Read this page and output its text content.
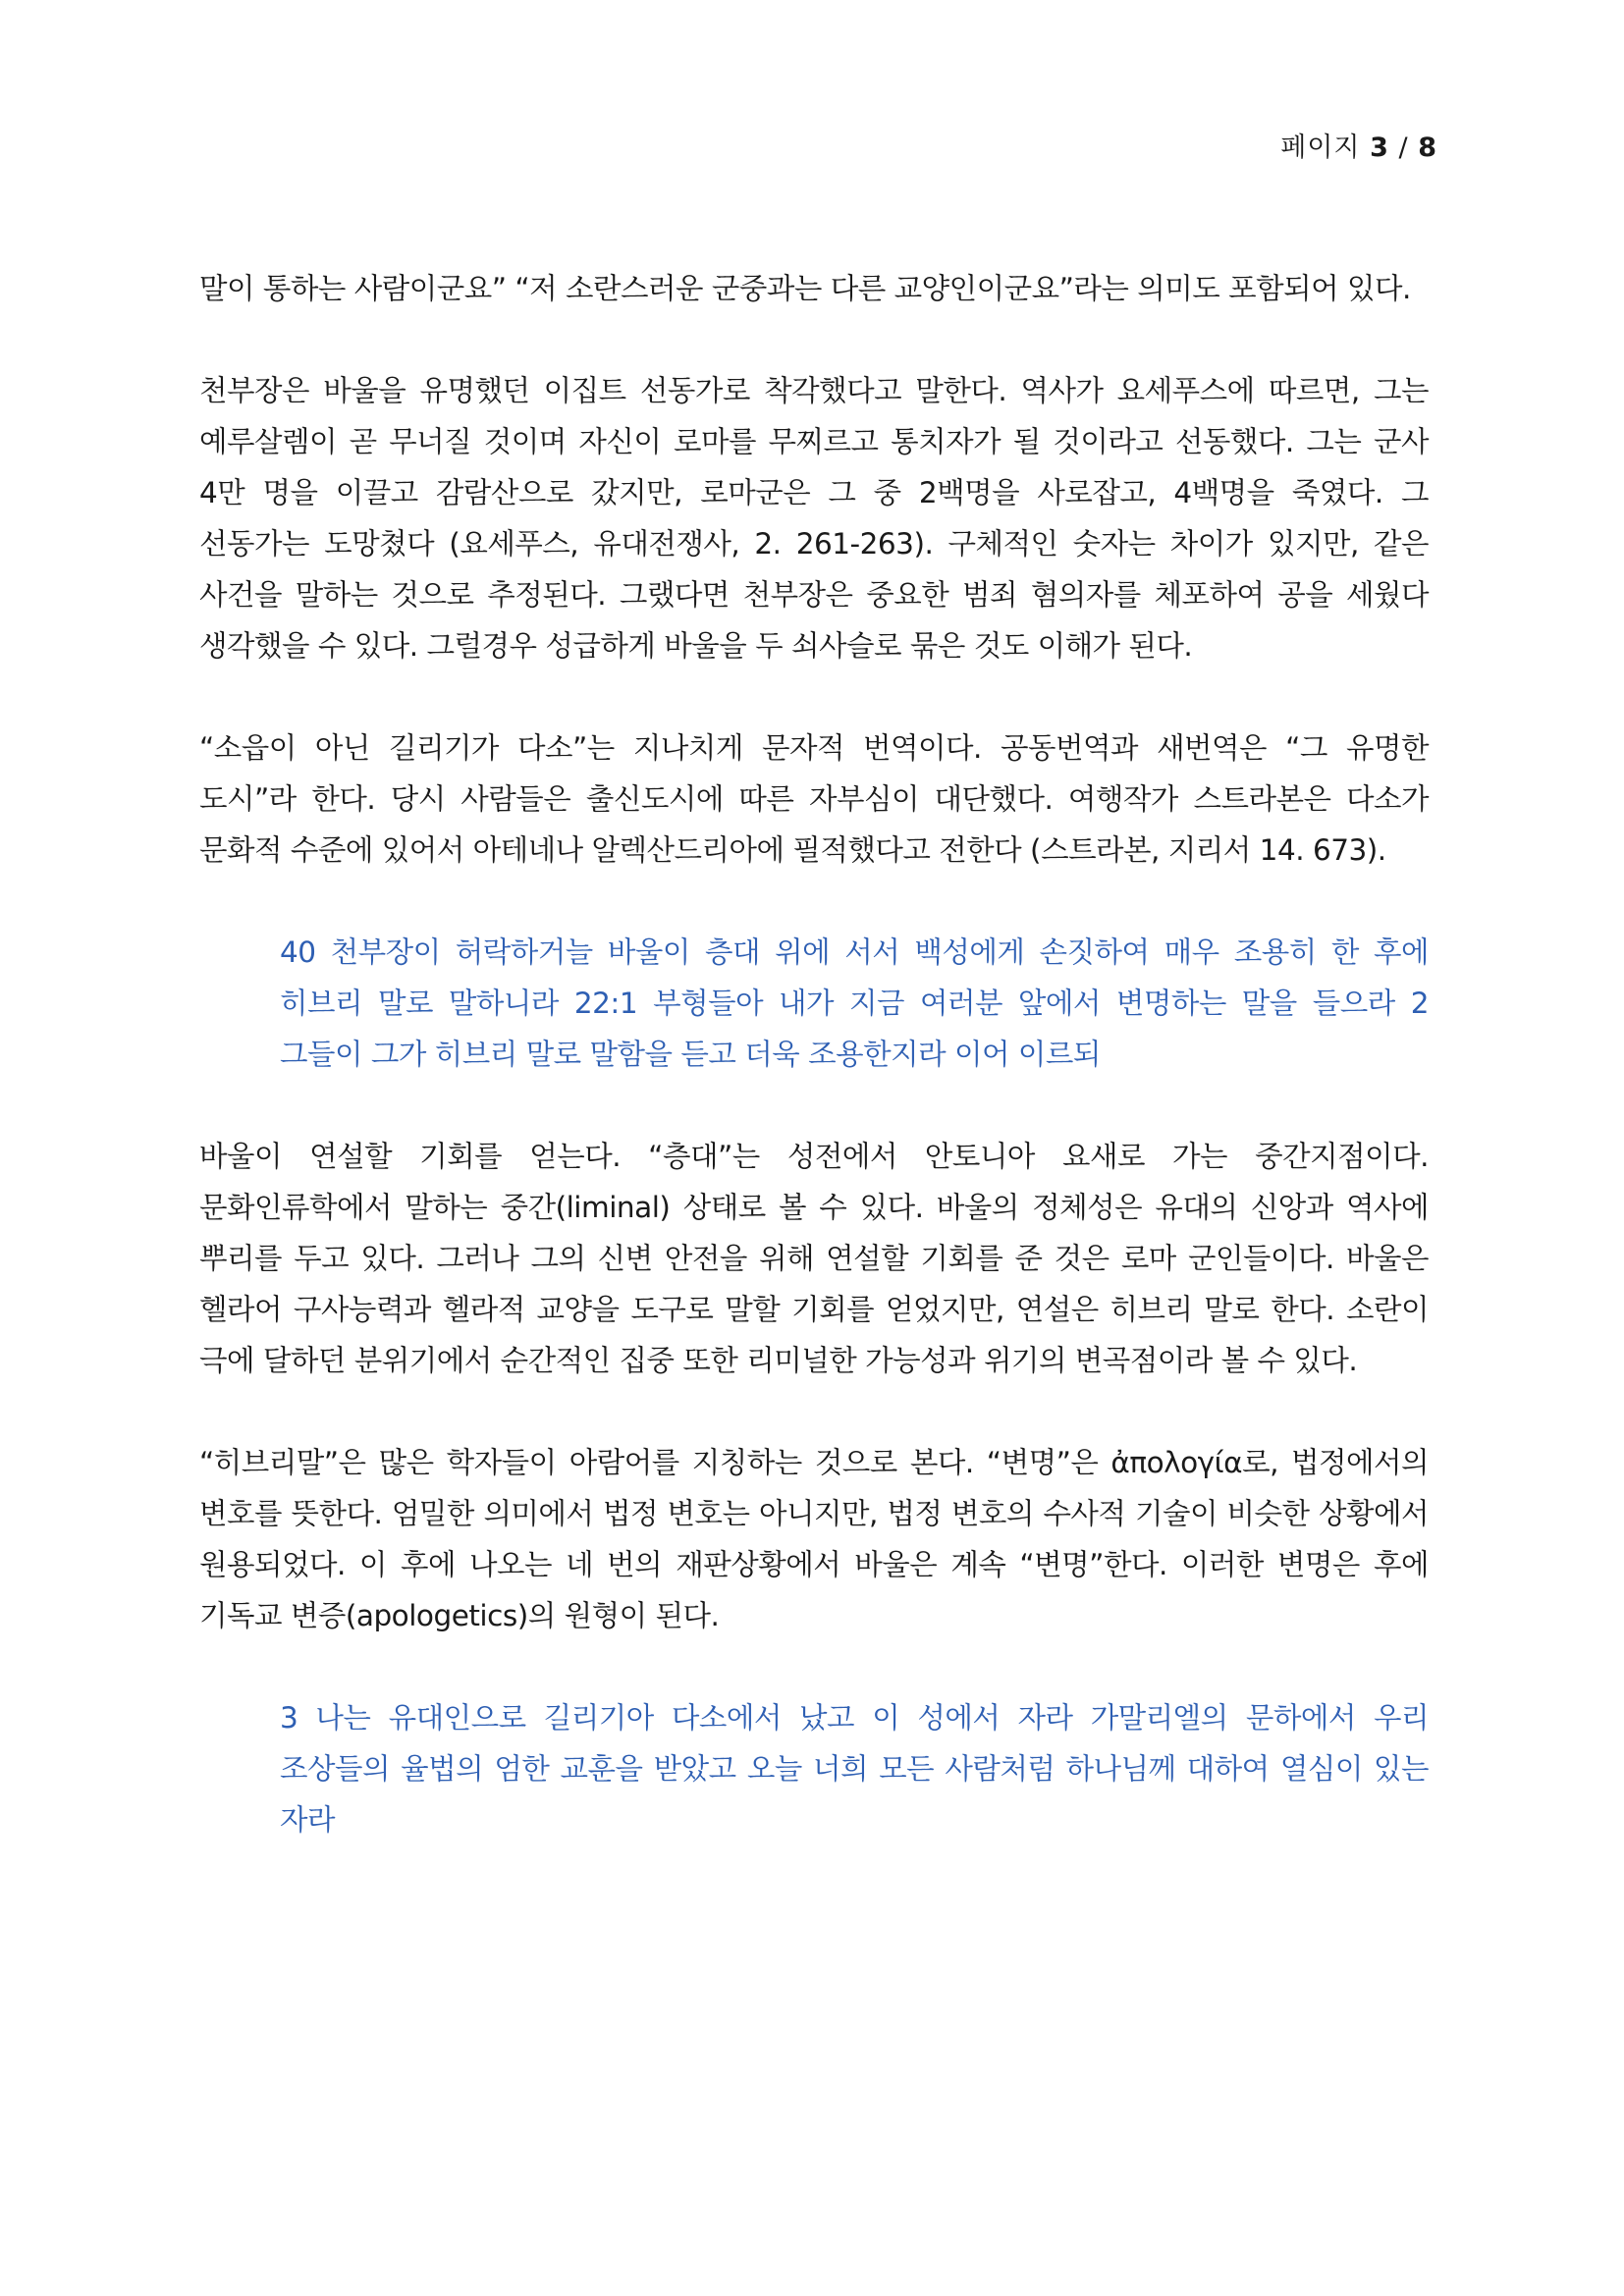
페이지 3 / 8

말이 통하는 사람이군요” “저 소란스러운 군중과는 다른 교양인이군요”라는 의미도 포함되어 있다.

천부장은 바울을 유명했던 이집트 선동가로 착각했다고 말한다. 역사가 요세푸스에 따르면, 그는 예루살렘이 곧 무너질 것이며 자신이 로마를 무찌르고 통치자가 될 것이라고 선동했다. 그는 군사 4만 명을 이끌고 감람산으로 갔지만, 로마군은 그 중 2백명을 사로잡고, 4백명을 죽였다. 그 선동가는 도망쳤다 (요세푸스, 유대전쟁사, 2. 261-263). 구체적인 숫자는 차이가 있지만, 같은 사건을 말하는 것으로 추정된다. 그랬다면 천부장은 중요한 범죄 혐의자를 체포하여 공을 세웠다 생각했을 수 있다. 그럴경우 성급하게 바울을 두 쇠사슬로 묶은 것도 이해가 된다.

“소읍이 아닌 길리기가 다소”는 지나치게 문자적 번역이다. 공동번역과 새번역은 “그 유명한 도시”라 한다. 당시 사람들은 출신도시에 따른 자부심이 대단했다. 여행작가 스트라본은 다소가 문화적 수준에 있어서 아테네나 알렉산드리아에 필적했다고 전한다 (스트라본, 지리서 14. 673).

40 천부장이 허락하거늘 바울이 층대 위에 서서 백성에게 손짓하여 매우 조용히 한 후에 히브리 말로 말하니라 22:1 부형들아 내가 지금 여러분 앞에서 변명하는 말을 들으라 2 그들이 그가 히브리 말로 말함을 듣고 더욱 조용한지라 이어 이르되

바울이 연설할 기회를 얻는다. “층대”는 성전에서 안토니아 요새로 가는 중간지점이다. 문화인류학에서 말하는 중간(liminal) 상태로 볼 수 있다. 바울의 정체성은 유대의 신앙과 역사에 뿌리를 두고 있다. 그러나 그의 신변 안전을 위해 연설할 기회를 준 것은 로마 군인들이다. 바울은 헬라어 구사능력과 헬라적 교양을 도구로 말할 기회를 얻었지만, 연설은 히브리 말로 한다. 소란이 극에 달하던 분위기에서 순간적인 집중 또한 리미널한 가능성과 위기의 변곡점이라 볼 수 있다.

“히브리말”은 많은 학자들이 아람어를 지칭하는 것으로 본다. “변명”은 ἀπολογία로, 법정에서의 변호를 뜻한다. 엄밀한 의미에서 법정 변호는 아니지만, 법정 변호의 수사적 기술이 비슷한 상황에서 원용되었다. 이 후에 나오는 네 번의 재판상황에서 바울은 계속 “변명”한다. 이러한 변명은 후에 기독교 변증(apologetics)의 원형이 된다.

3 나는 유대인으로 길리기아 다소에서 났고 이 성에서 자라 가말리엘의 문하에서 우리 조상들의 율법의 엄한 교훈을 받았고 오늘 너희 모든 사람처럼 하나님께 대하여 열심이 있는 자라
